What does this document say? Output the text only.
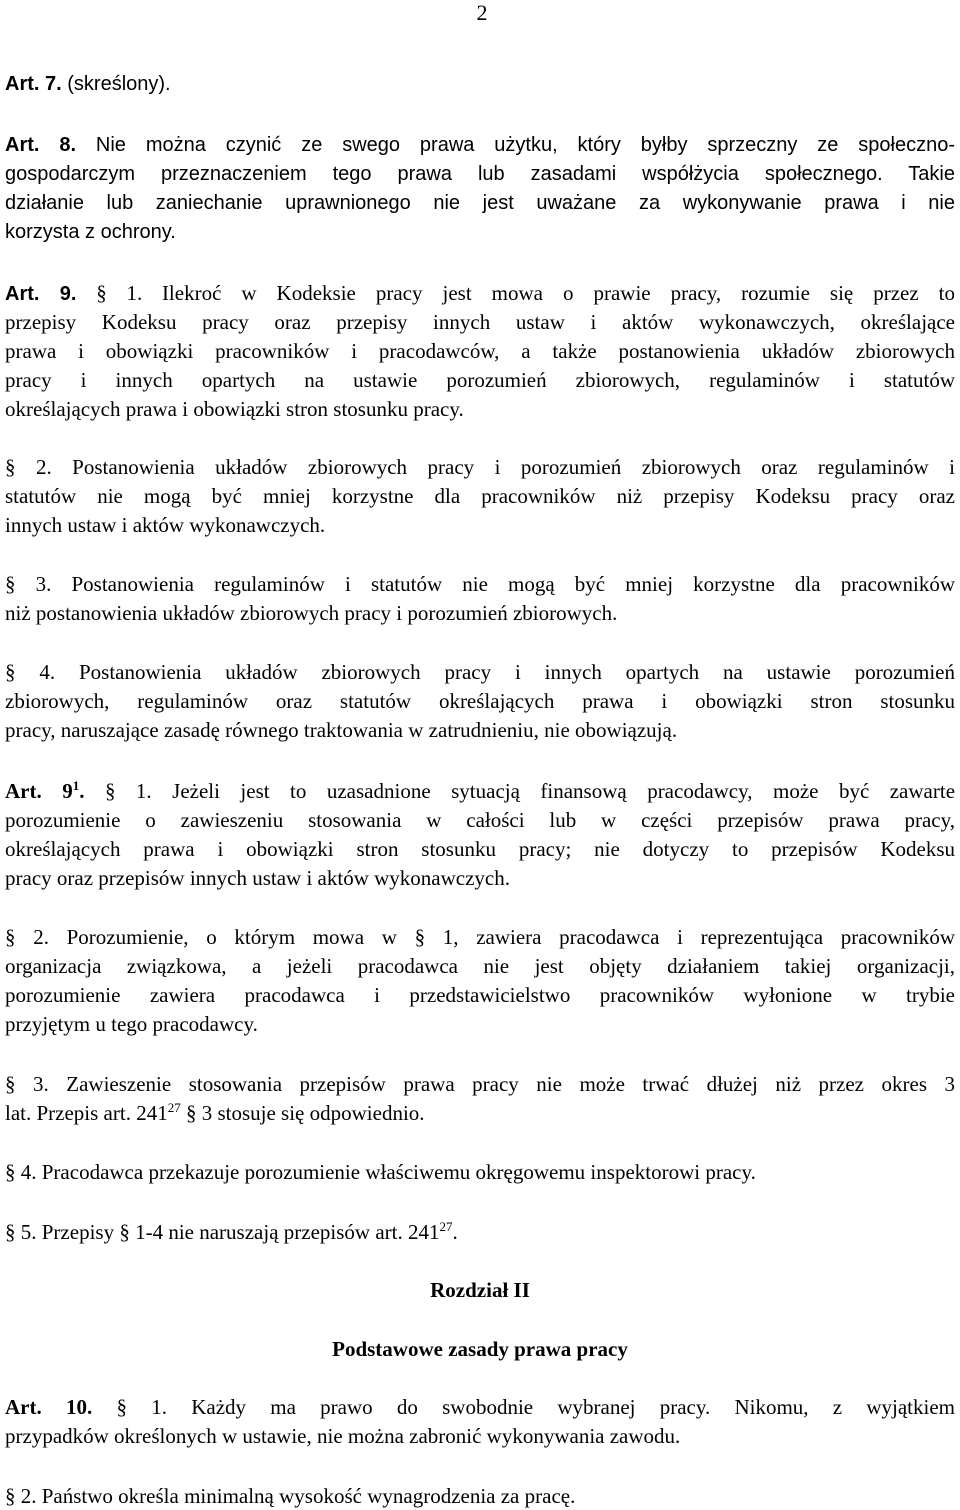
2
Art. 7. (skreślony).
Art. 8. Nie można czynić ze swego prawa użytku, który byłby sprzeczny ze społeczno-
gospodarczym przeznaczeniem tego prawa lub zasadami współżycia społecznego. Takie
działanie lub zaniechanie uprawnionego nie jest uważane za wykonywanie prawa i nie
korzysta z ochrony.
Art. 9. § 1. Ilekroć w Kodeksie pracy jest mowa o prawie pracy, rozumie się przez to
przepisy Kodeksu pracy oraz przepisy innych ustaw i aktów wykonawczych, określające
prawa i obowiązki pracowników i pracodawców, a także postanowienia układów zbiorowych
pracy i innych opartych na ustawie porozumień zbiorowych, regulaminów i statutów
określających prawa i obowiązki stron stosunku pracy.
§ 2. Postanowienia układów zbiorowych pracy i porozumień zbiorowych oraz regulaminów i
statutów nie mogą być mniej korzystne dla pracowników niż przepisy Kodeksu pracy oraz
innych ustaw i aktów wykonawczych.
§ 3. Postanowienia regulaminów i statutów nie mogą być mniej korzystne dla pracowników
niż postanowienia układów zbiorowych pracy i porozumień zbiorowych.
§ 4. Postanowienia układów zbiorowych pracy i innych opartych na ustawie porozumień
zbiorowych, regulaminów oraz statutów określających prawa i obowiązki stron stosunku
pracy, naruszające zasadę równego traktowania w zatrudnieniu, nie obowiązują.
Art. $9^1$. § 1. Jeżeli jest to uzasadnione sytuacją finansową pracodawcy, może być zawarte
porozumienie o zawieszeniu stosowania w całości lub w części przepisów prawa pracy,
określających prawa i obowiązki stron stosunku pracy; nie dotyczy to przepisów Kodeksu
pracy oraz przepisów innych ustaw i aktów wykonawczych.
§ 2. Porozumienie, o którym mowa w § 1, zawiera pracodawca i reprezentująca pracowników
organizacja związkowa, a jeżeli pracodawca nie jest objęty działaniem takiej organizacji,
porozumienie zawiera pracodawca i przedstawicielstwo pracowników wyłonione w trybie
przyjętym u tego pracodawcy.
§ 3. Zawieszenie stosowania przepisów prawa pracy nie może trwać dłużej niż przez okres 3
lat. Przepis art. $241^{27}$ § 3 stosuje się odpowiednio.
§ 4. Pracodawca przekazuje porozumienie właściwemu okręgowemu inspektorowi pracy.
§ 5. Przepisy § 1-4 nie naruszają przepisów art. $241^{27}$.
Rozdział II
Podstawowe zasady prawa pracy
Art. 10. § 1. Każdy ma prawo do swobodnie wybranej pracy. Nikomu, z wyjątkiem
przypadków określonych w ustawie, nie można zabronić wykonywania zawodu.
§ 2. Państwo określa minimalną wysokość wynagrodzenia za pracę.
